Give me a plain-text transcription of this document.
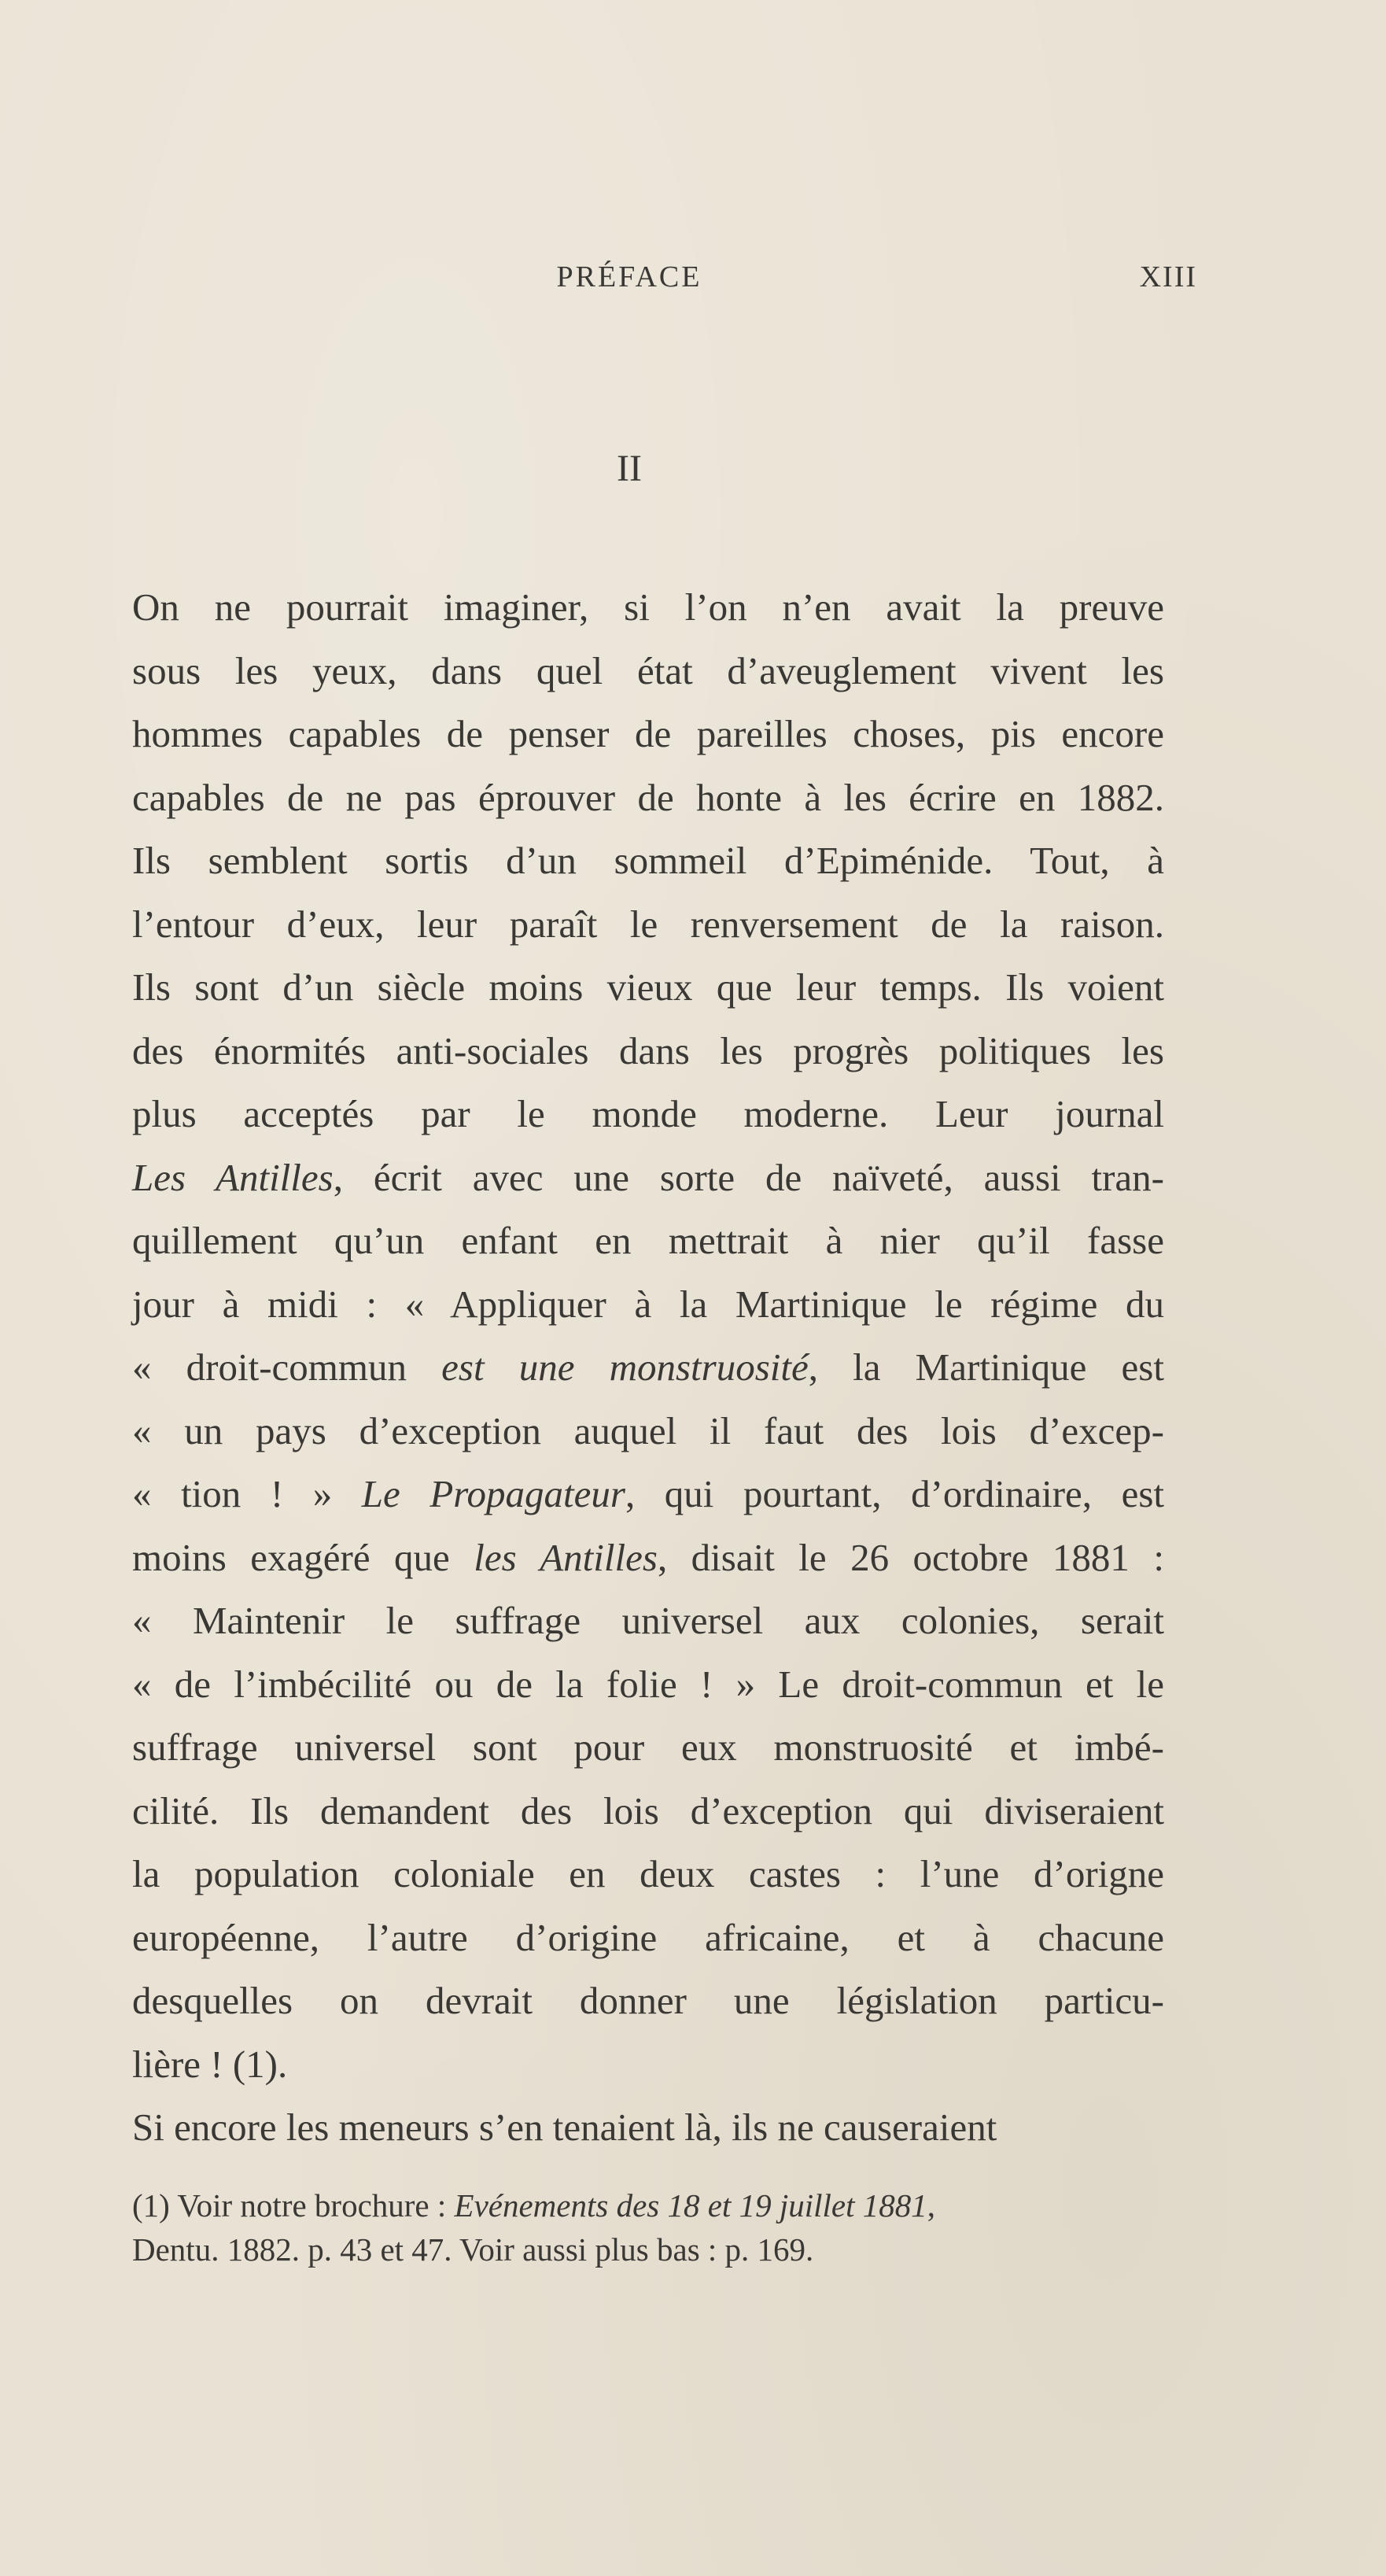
PRÉFACE	XIII
II
On ne pourrait imaginer, si l’on n’en avait la preuve
sous les yeux, dans quel état d’aveuglement vivent les
hommes capables de penser de pareilles choses, pis encore
capables de ne pas éprouver de honte à les écrire en 1882.
Ils semblent sortis d’un sommeil d’Epiménide. Tout, à
l’entour d’eux, leur paraît le renversement de la raison.
Ils sont d’un siècle moins vieux que leur temps. Ils voient
des énormités anti-sociales dans les progrès politiques les
plus acceptés par le monde moderne. Leur journal
Les Antilles, écrit avec une sorte de naïveté, aussi tran-
quillement qu’un enfant en mettrait à nier qu’il fasse
jour à midi : « Appliquer à la Martinique le régime du
« droit-commun est une monstruosité, la Martinique est
« un pays d’exception auquel il faut des lois d’excep-
« tion ! » Le Propagateur, qui pourtant, d’ordinaire, est
moins exagéré que les Antilles, disait le 26 octobre 1881 :
« Maintenir le suffrage universel aux colonies, serait
« de l’imbécilité ou de la folie ! » Le droit-commun et le
suffrage universel sont pour eux monstruosité et imbé-
cilité. Ils demandent des lois d’exception qui diviseraient
la population coloniale en deux castes : l’une d’origne
européenne, l’autre d’origine africaine, et à chacune
desquelles on devrait donner une législation particu-
lière ! (1).
Si encore les meneurs s’en tenaient là, ils ne causeraient
(1) Voir notre brochure : Evénements des 18 et 19 juillet 1881,
Dentu. 1882. p. 43 et 47. Voir aussi plus bas : p. 169.
